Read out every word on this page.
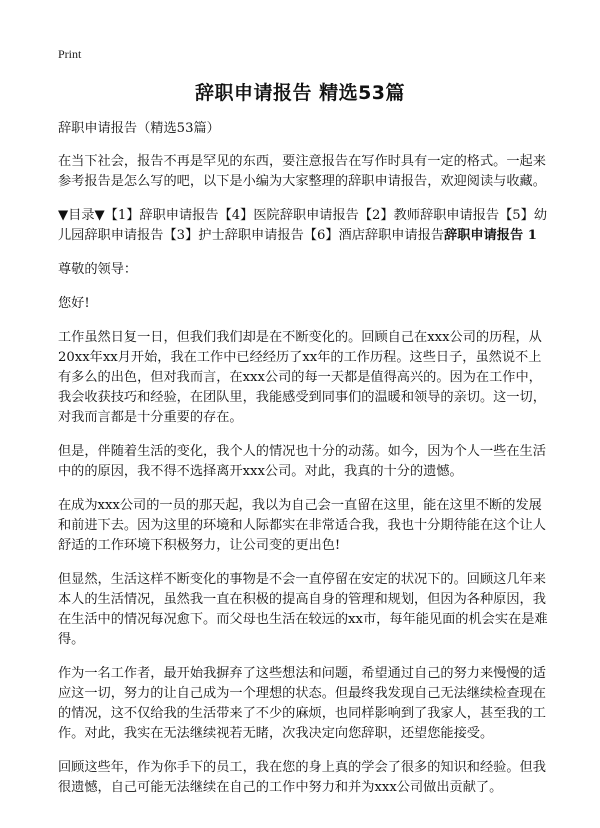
Print
辞职申请报告 精选53篇

辞职申请报告（精选53篇）

在当下社会，报告不再是罕见的东西，要注意报告在写作时具有一定的格式。一起来参考报告是怎么写的吧，以下是小编为大家整理的辞职申请报告，欢迎阅读与收藏。

▼目录▼【1】辞职申请报告【4】医院辞职申请报告【2】教师辞职申请报告【5】幼儿园辞职申请报告【3】护士辞职申请报告【6】酒店辞职申请报告辞职申请报告 1

尊敬的领导：

您好!

工作虽然日复一日，但我们我们却是在不断变化的。回顾自己在xxx公司的历程，从20xx年xx月开始，我在工作中已经经历了xx年的工作历程。这些日子，虽然说不上有多么的出色，但对我而言，在xxx公司的每一天都是值得高兴的。因为在工作中，我会收获技巧和经验，在团队里，我能感受到同事们的温暖和领导的亲切。这一切，对我而言都是十分重要的存在。

但是，伴随着生活的变化，我个人的情况也十分的动荡。如今，因为个人一些在生活中的的原因，我不得不选择离开xxx公司。对此，我真的十分的遗憾。

在成为xxx公司的一员的那天起，我以为自己会一直留在这里，能在这里不断的发展和前进下去。因为这里的环境和人际都实在非常适合我，我也十分期待能在这个让人舒适的工作环境下积极努力，让公司变的更出色!

但显然，生活这样不断变化的事物是不会一直停留在安定的状况下的。回顾这几年来本人的生活情况，虽然我一直在积极的提高自身的管理和规划，但因为各种原因，我在生活中的情况每况愈下。而父母也生活在较远的xx市，每年能见面的机会实在是难得。

作为一名工作者，最开始我摒弃了这些想法和问题，希望通过自己的努力来慢慢的适应这一切，努力的让自己成为一个理想的状态。但最终我发现自己无法继续检查现在的情况，这不仅给我的生活带来了不少的麻烦，也同样影响到了我家人，甚至我的工作。对此，我实在无法继续视若无睹，次我决定向您辞职，还望您能接受。

回顾这些年，作为你手下的员工，我在您的身上真的学会了很多的知识和经验。但我很遗憾，自己可能无法继续在自己的工作中努力和并为xxx公司做出贡献了。
